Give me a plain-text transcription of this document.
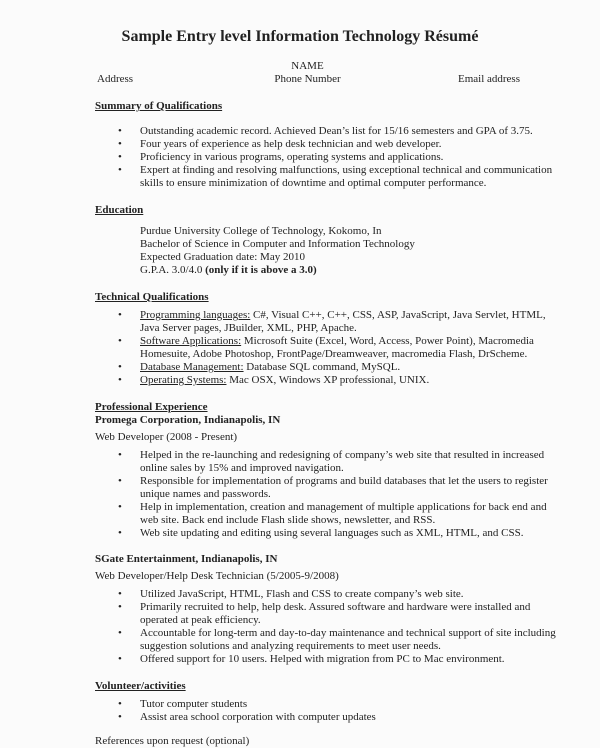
Sample Entry level Information Technology Résumé
NAME
Address	Phone Number	Email address
Summary of Qualifications
• Outstanding academic record. Achieved Dean’s list for 15/16 semesters and GPA of 3.75.
• Four years of experience as help desk technician and web developer.
• Proficiency in various programs, operating systems and applications.
• Expert at finding and resolving malfunctions, using exceptional technical and communication skills to ensure minimization of downtime and optimal computer performance.
Education
Purdue University College of Technology, Kokomo, In
Bachelor of Science in Computer and Information Technology
Expected Graduation date: May 2010
G.P.A. 3.0/4.0 (only if it is above a 3.0)
Technical Qualifications
• Programming languages: C#, Visual C++, C++, CSS, ASP, JavaScript, Java Servlet, HTML, Java Server pages, JBuilder, XML, PHP, Apache.
• Software Applications: Microsoft Suite (Excel, Word, Access, Power Point), Macromedia Homesuite, Adobe Photoshop, FrontPage/Dreamweaver, macromedia Flash, DrScheme.
• Database Management: Database SQL command, MySQL.
• Operating Systems: Mac OSX, Windows XP professional, UNIX.
Professional Experience
Promega Corporation, Indianapolis, IN
Web Developer (2008 - Present)
• Helped in the re-launching and redesigning of company’s web site that resulted in increased online sales by 15% and improved navigation.
• Responsible for implementation of programs and build databases that let the users to register unique names and passwords.
• Help in implementation, creation and management of multiple applications for back end and web site. Back end include Flash slide shows, newsletter, and RSS.
• Web site updating and editing using several languages such as XML, HTML, and CSS.
SGate Entertainment, Indianapolis, IN
Web Developer/Help Desk Technician (5/2005-9/2008)
• Utilized JavaScript, HTML, Flash and CSS to create company’s web site.
• Primarily recruited to help, help desk. Assured software and hardware were installed and operated at peak efficiency.
• Accountable for long-term and day-to-day maintenance and technical support of site including suggestion solutions and analyzing requirements to meet user needs.
• Offered support for 10 users. Helped with migration from PC to Mac environment.
Volunteer/activities
• Tutor computer students
• Assist area school corporation with computer updates
References upon request (optional)
